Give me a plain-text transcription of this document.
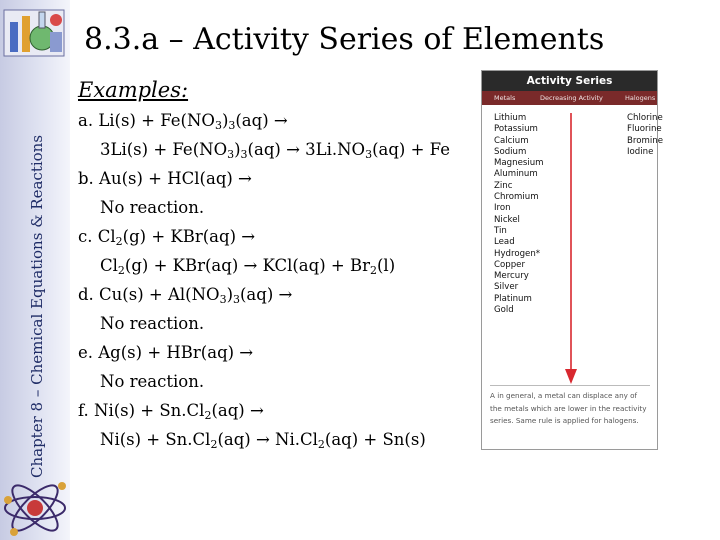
Chapter 8 – Chemical Equations & Reactions
8.3.a – Activity Series of Elements
Examples:
a. $Li(s) + Fe(NO_3)_3(aq)$ →
$3Li(s) + Fe(NO_3)_3(aq) \to 3Li.NO_3(aq) + Fe$
b. Au(s) + HCl(aq) →
No reaction.
c. $Cl_2(g) + KBr(aq)$ →
$Cl_2(g) + KBr(aq) \to KCl(aq) + Br_2(l)$
d. $Cu(s) + Al(NO_3)_3(aq)$ →
No reaction.
e. Ag(s) + HBr(aq) →
No reaction.
f. $Ni(s) + Sn.Cl_2(aq)$ →
$Ni(s) + Sn.Cl_2(aq) \to Ni.Cl_2(aq) + Sn(s)$
Activity Series
Metals	Decreasing Activity	Halogens
Lithium
Potassium
Calcium
Sodium
Magnesium
Aluminum
Zinc
Chromium
Iron
Nickel
Tin
Lead
Hydrogen*
Copper
Mercury
Silver
Platinum
Gold
Chlorine
Fluorine
Bromine
Iodine
A in general, a metal can displace any of the metals which are lower in the reactivity series. Same rule is applied for halogens.
